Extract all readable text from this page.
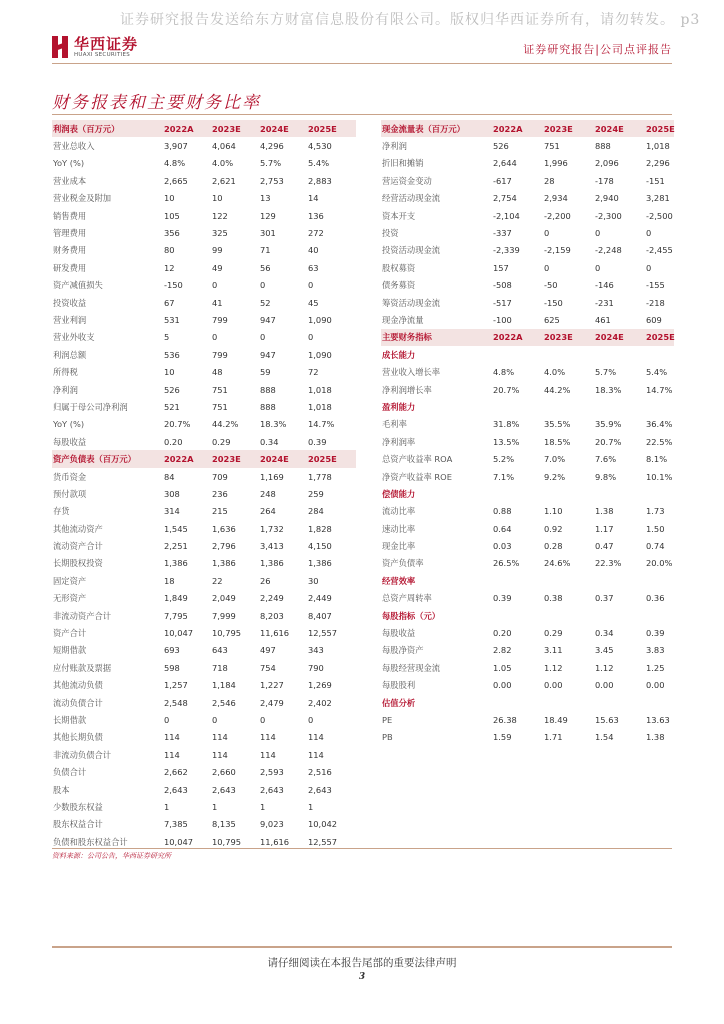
证券研究报告发送给东方财富信息股份有限公司。版权归华西证券所有，请勿转发。 p3
华西证券
HUAXI SECURITIES	证券研究报告|公司点评报告
财务报表和主要财务比率
利润表（百万元）	2022A	2023E	2024E	2025E
营业总收入	3,907	4,064	4,296	4,530
YoY (%)	4.8%	4.0%	5.7%	5.4%
营业成本	2,665	2,621	2,753	2,883
营业税金及附加	10	10	13	14
销售费用	105	122	129	136
管理费用	356	325	301	272
财务费用	80	99	71	40
研发费用	12	49	56	63
资产减值损失	-150	0	0	0
投资收益	67	41	52	45
营业利润	531	799	947	1,090
营业外收支	5	0	0	0
利润总额	536	799	947	1,090
所得税	10	48	59	72
净利润	526	751	888	1,018
归属于母公司净利润	521	751	888	1,018
YoY (%)	20.7%	44.2%	18.3%	14.7%
每股收益	0.20	0.29	0.34	0.39
资产负债表（百万元）	2022A	2023E	2024E	2025E
货币资金	84	709	1,169	1,778
预付款项	308	236	248	259
存货	314	215	264	284
其他流动资产	1,545	1,636	1,732	1,828
流动资产合计	2,251	2,796	3,413	4,150
长期股权投资	1,386	1,386	1,386	1,386
固定资产	18	22	26	30
无形资产	1,849	2,049	2,249	2,449
非流动资产合计	7,795	7,999	8,203	8,407
资产合计	10,047	10,795	11,616	12,557
短期借款	693	643	497	343
应付账款及票据	598	718	754	790
其他流动负债	1,257	1,184	1,227	1,269
流动负债合计	2,548	2,546	2,479	2,402
长期借款	0	0	0	0
其他长期负债	114	114	114	114
非流动负债合计	114	114	114	114
负债合计	2,662	2,660	2,593	2,516
股本	2,643	2,643	2,643	2,643
少数股东权益	1	1	1	1
股东权益合计	7,385	8,135	9,023	10,042
负债和股东权益合计	10,047	10,795	11,616	12,557
现金流量表（百万元）	2022A	2023E	2024E	2025E
净利润	526	751	888	1,018
折旧和摊销	2,644	1,996	2,096	2,296
营运资金变动	-617	28	-178	-151
经营活动现金流	2,754	2,934	2,940	3,281
资本开支	-2,104	-2,200	-2,300	-2,500
投资	-337	0	0	0
投资活动现金流	-2,339	-2,159	-2,248	-2,455
股权募资	157	0	0	0
债务募资	-508	-50	-146	-155
筹资活动现金流	-517	-150	-231	-218
现金净流量	-100	625	461	609
主要财务指标	2022A	2023E	2024E	2025E
成长能力				
营业收入增长率	4.8%	4.0%	5.7%	5.4%
净利润增长率	20.7%	44.2%	18.3%	14.7%
盈利能力				
毛利率	31.8%	35.5%	35.9%	36.4%
净利润率	13.5%	18.5%	20.7%	22.5%
总资产收益率 ROA	5.2%	7.0%	7.6%	8.1%
净资产收益率 ROE	7.1%	9.2%	9.8%	10.1%
偿债能力				
流动比率	0.88	1.10	1.38	1.73
速动比率	0.64	0.92	1.17	1.50
现金比率	0.03	0.28	0.47	0.74
资产负债率	26.5%	24.6%	22.3%	20.0%
经营效率				
总资产周转率	0.39	0.38	0.37	0.36
每股指标（元）				
每股收益	0.20	0.29	0.34	0.39
每股净资产	2.82	3.11	3.45	3.83
每股经营现金流	1.05	1.12	1.12	1.25
每股股利	0.00	0.00	0.00	0.00
估值分析				
PE	26.38	18.49	15.63	13.63
PB	1.59	1.71	1.54	1.38
资料来源：公司公告，华西证券研究所
请仔细阅读在本报告尾部的重要法律声明
3
